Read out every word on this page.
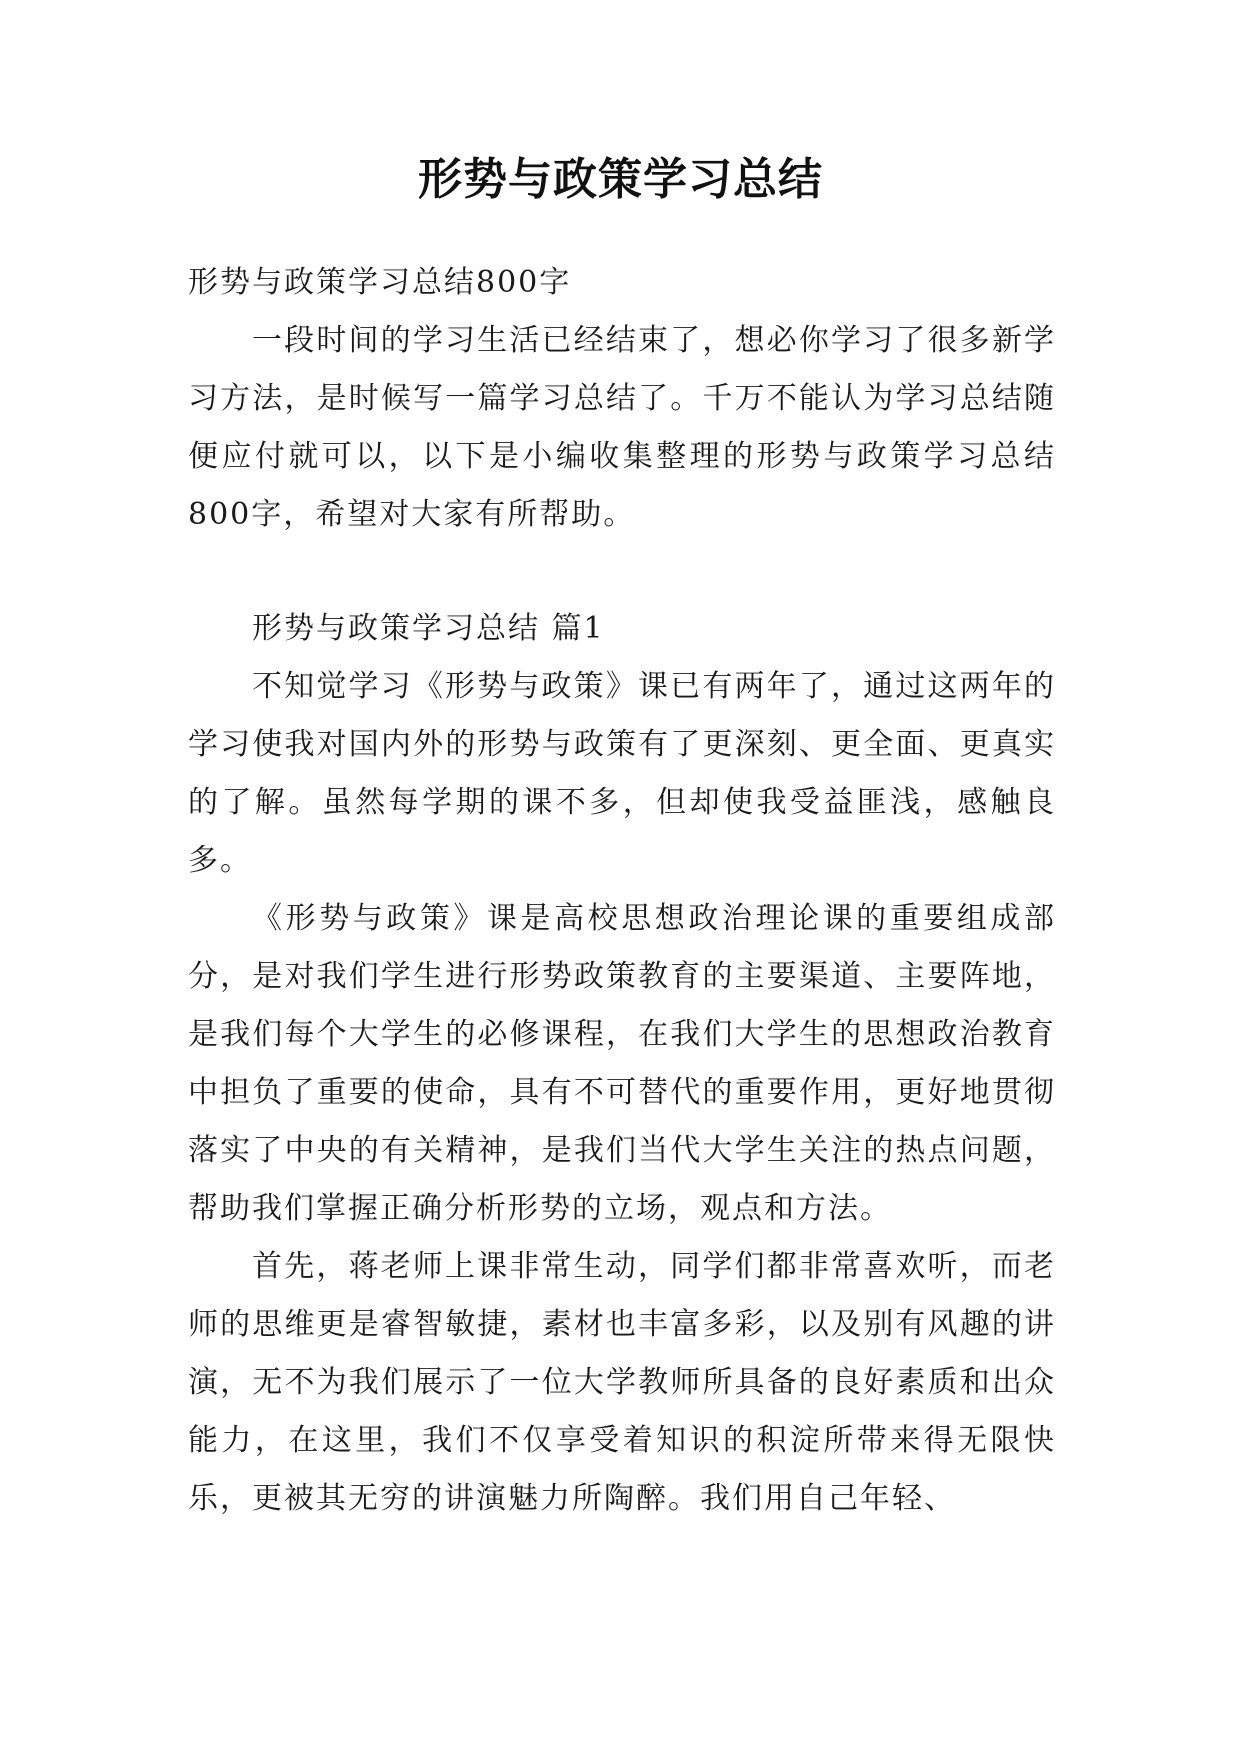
形势与政策学习总结

形势与政策学习总结800字

一段时间的学习生活已经结束了，想必你学习了很多新学习方法，是时候写一篇学习总结了。千万不能认为学习总结随便应付就可以，以下是小编收集整理的形势与政策学习总结800字，希望对大家有所帮助。

形势与政策学习总结 篇1

不知觉学习《形势与政策》课已有两年了，通过这两年的学习使我对国内外的形势与政策有了更深刻、更全面、更真实的了解。虽然每学期的课不多，但却使我受益匪浅，感触良多。

《形势与政策》课是高校思想政治理论课的重要组成部分，是对我们学生进行形势政策教育的主要渠道、主要阵地，是我们每个大学生的必修课程，在我们大学生的思想政治教育中担负了重要的使命，具有不可替代的重要作用，更好地贯彻落实了中央的有关精神，是我们当代大学生关注的热点问题，帮助我们掌握正确分析形势的立场，观点和方法。

首先，蒋老师上课非常生动，同学们都非常喜欢听，而老师的思维更是睿智敏捷，素材也丰富多彩，以及别有风趣的讲演，无不为我们展示了一位大学教师所具备的良好素质和出众能力，在这里，我们不仅享受着知识的积淀所带来得无限快乐，更被其无穷的讲演魅力所陶醉。我们用自己年轻、
